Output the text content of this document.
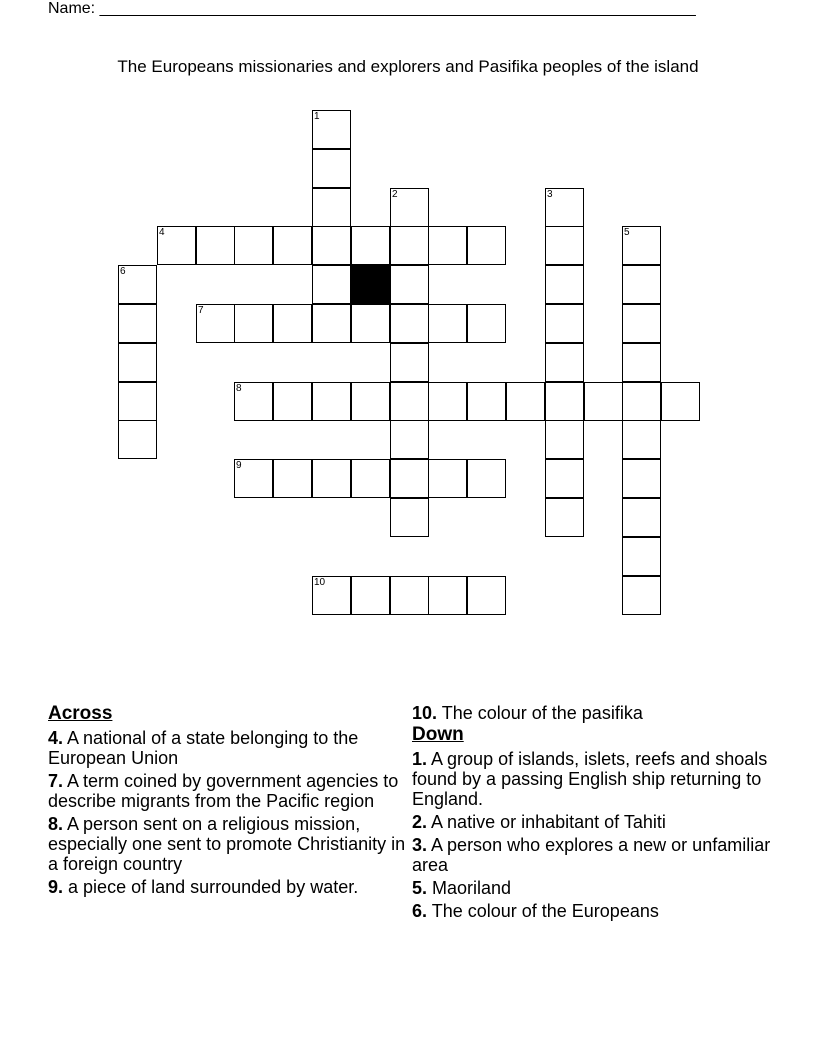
Name: ___________________________________________________________________
The Europeans missionaries and explorers and Pasifika peoples of the island
1
2	3
5
6
4
7
8
9
10
Across
4. A national of a state belonging to the European Union
7. A term coined by government agencies to describe migrants from the Pacific region
8. A person sent on a religious mission, especially one sent to promote Christianity in a foreign country
9. a piece of land surrounded by water.
10. The colour of the pasifika
Down
1. A group of islands, islets, reefs and shoals found by a passing English ship returning to England.
2. A native or inhabitant of Tahiti
3. A person who explores a new or unfamiliar area
5. Maoriland
6. The colour of the Europeans
